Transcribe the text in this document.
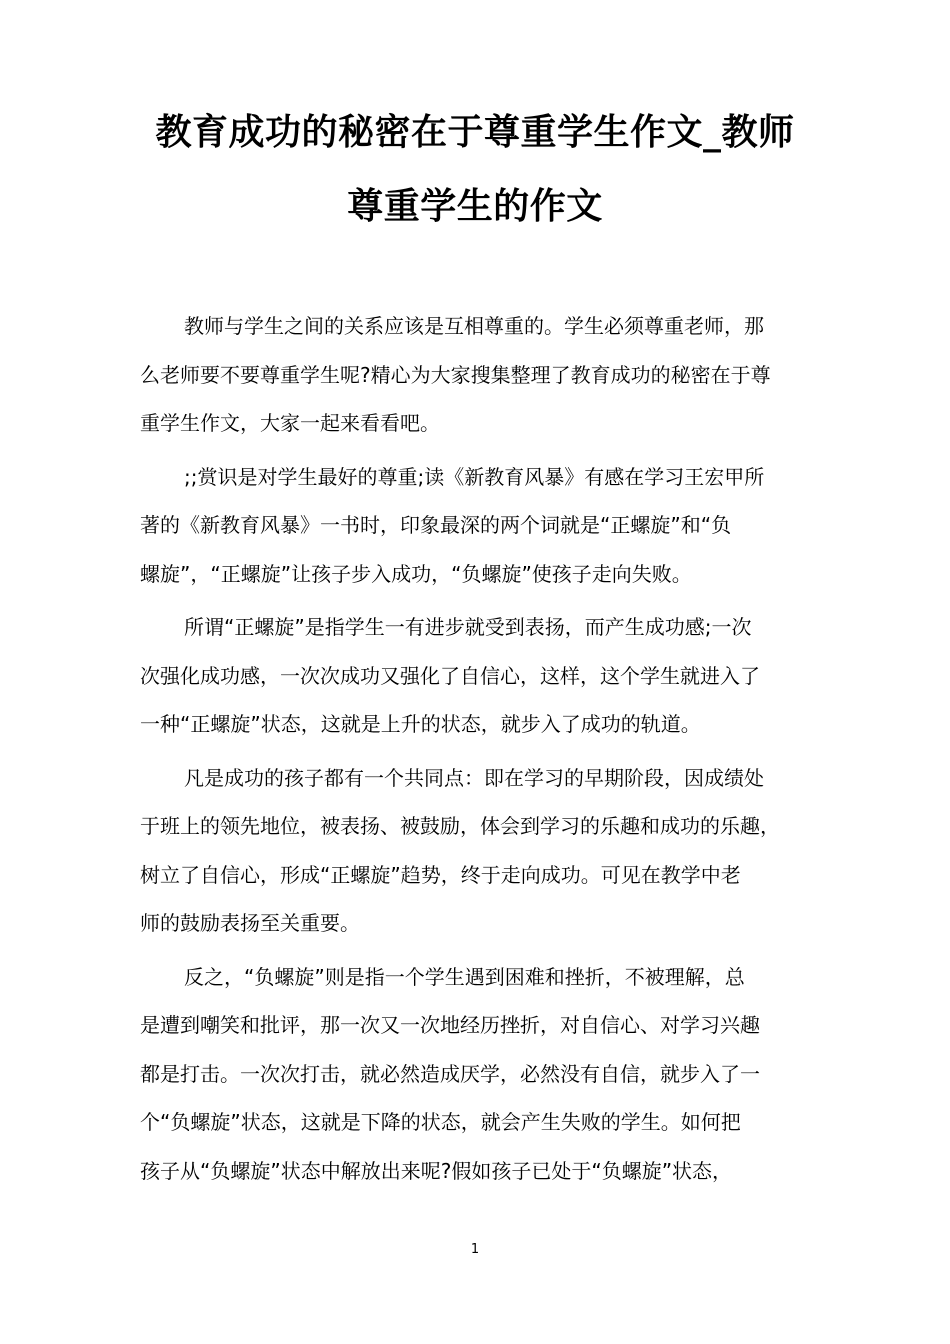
教育成功的秘密在于尊重学生作文_教师
尊重学生的作文
教师与学生之间的关系应该是互相尊重的。学生必须尊重老师，那
么老师要不要尊重学生呢?精心为大家搜集整理了教育成功的秘密在于尊
重学生作文，大家一起来看看吧。
;;赏识是对学生最好的尊重;读《新教育风暴》有感在学习王宏甲所
著的《新教育风暴》一书时，印象最深的两个词就是“正螺旋”和“负
螺旋”，“正螺旋”让孩子步入成功，“负螺旋”使孩子走向失败。
所谓“正螺旋”是指学生一有进步就受到表扬，而产生成功感;一次
次强化成功感，一次次成功又强化了自信心，这样，这个学生就进入了
一种“正螺旋”状态，这就是上升的状态，就步入了成功的轨道。
凡是成功的孩子都有一个共同点：即在学习的早期阶段，因成绩处
于班上的领先地位，被表扬、被鼓励，体会到学习的乐趣和成功的乐趣，
树立了自信心，形成“正螺旋”趋势，终于走向成功。可见在教学中老
师的鼓励表扬至关重要。
反之，“负螺旋”则是指一个学生遇到困难和挫折，不被理解，总
是遭到嘲笑和批评，那一次又一次地经历挫折，对自信心、对学习兴趣
都是打击。一次次打击，就必然造成厌学，必然没有自信，就步入了一
个“负螺旋”状态，这就是下降的状态，就会产生失败的学生。如何把
孩子从“负螺旋”状态中解放出来呢?假如孩子已处于“负螺旋”状态，
1
